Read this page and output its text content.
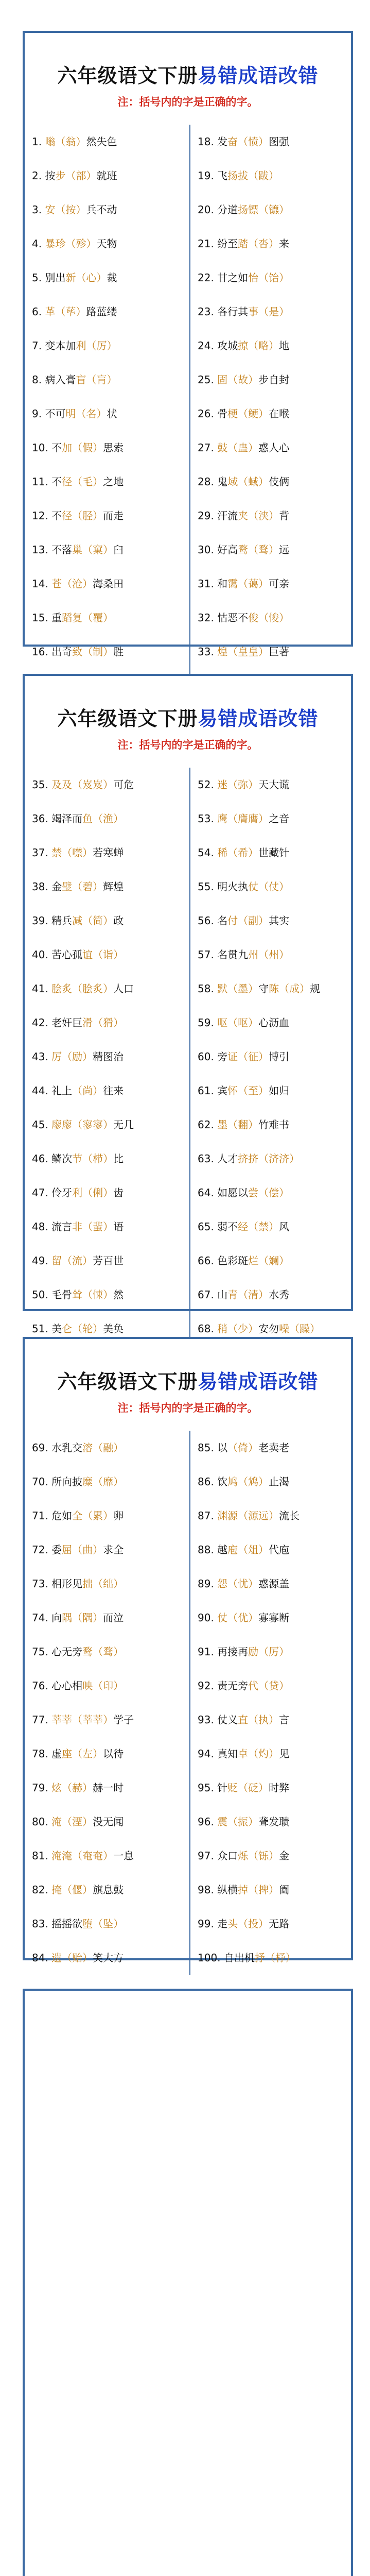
六年级语文下册易错成语改错
注：括号内的字是正确的字。
1. 嗡（翁）然失色
2. 按步（部）就班
3. 安（按）兵不动
4. 暴珍（殄）天物
5. 别出新（心）裁
6. 革（荜）路蓝缕
7. 变本加利（厉）
8. 病入膏盲（肓）
9. 不可明（名）状
10. 不加（假）思索
11. 不径（毛）之地
12. 不径（胫）而走
13. 不落巢（窠）臼
14. 苍（沧）海桑田
15. 重蹈复（覆）
16. 出奇致（制）胜
18. 发奋（愤）图强
19. 飞扬拔（跋）
20. 分道扬镖（镳）
21. 纷至踏（沓）来
22. 甘之如怡（饴）
23. 各行其事（是）
24. 攻城掠（略）地
25. 固（故）步自封
26. 骨梗（鲠）在喉
27. 鼓（蛊）惑人心
28. 鬼域（蜮）伎俩
29. 汗流夹（浃）背
30. 好高鹜（骛）远
31. 和霭（蔼）可亲
32. 怙恶不俊（悛）
33. 煌（皇皇）巨著
六年级语文下册易错成语改错
注：括号内的字是正确的字。
35. 及及（岌岌）可危
36. 竭泽而鱼（渔）
37. 禁（噤）若寒蝉
38. 金璧（碧）辉煌
39. 精兵减（简）政
40. 苦心孤谊（诣）
41. 脍炙（脍炙）人口
42. 老奸巨滑（猾）
43. 厉（励）精图治
44. 礼上（尚）往来
45. 廖廖（寥寥）无几
46. 鳞次节（栉）比
47. 伶牙利（俐）齿
48. 流言非（蜚）语
49. 留（流）芳百世
50. 毛骨耸（悚）然
51. 美仑（轮）美奂
52. 迷（弥）天大谎
53. 鹰（膺膺）之音
54. 稀（希）世藏针
55. 明火执仗（仗）
56. 名付（副）其实
57. 名贯九州（州）
58. 默（墨）守陈（成）规
59. 呕（呕）心沥血
60. 旁证（征）博引
61. 宾怀（至）如归
62. 墨（翻）竹难书
63. 人才挤挤（济济）
64. 如愿以尝（偿）
65. 弱不经（禁）风
66. 色彩斑烂（斓）
67. 山青（清）水秀
68. 稍（少）安勿噪（躁）
六年级语文下册易错成语改错
注：括号内的字是正确的字。
69. 水乳交溶（融）
70. 所向披糜（靡）
71. 危如全（累）卵
72. 委屈（曲）求全
73. 相形见拙（绌）
74. 向隅（隅）而泣
75. 心无旁鹜（骛）
76. 心心相映（印）
77. 莘莘（莘莘）学子
78. 虚座（左）以待
79. 炫（赫）赫一时
80. 淹（湮）没无闻
81. 淹淹（奄奄）一息
82. 掩（偃）旗息鼓
83. 摇摇欲堕（坠）
84. 遗（贻）笑大方
85. 以（倚）老卖老
86. 饮鸠（鸩）止渴
87. 渊源（源远）流长
88. 越庖（俎）代庖
89. 怨（忧）惑源盖
90. 仗（优）寡寡断
91. 再接再励（厉）
92. 责无旁代（贷）
93. 仗义直（执）言
94. 真知卓（灼）见
95. 针贬（砭）时弊
96. 震（振）聋发聩
97. 众口烁（铄）金
98. 纵横掉（捭）阖
99. 走头（投）无路
100. 自出机抒（杼）
